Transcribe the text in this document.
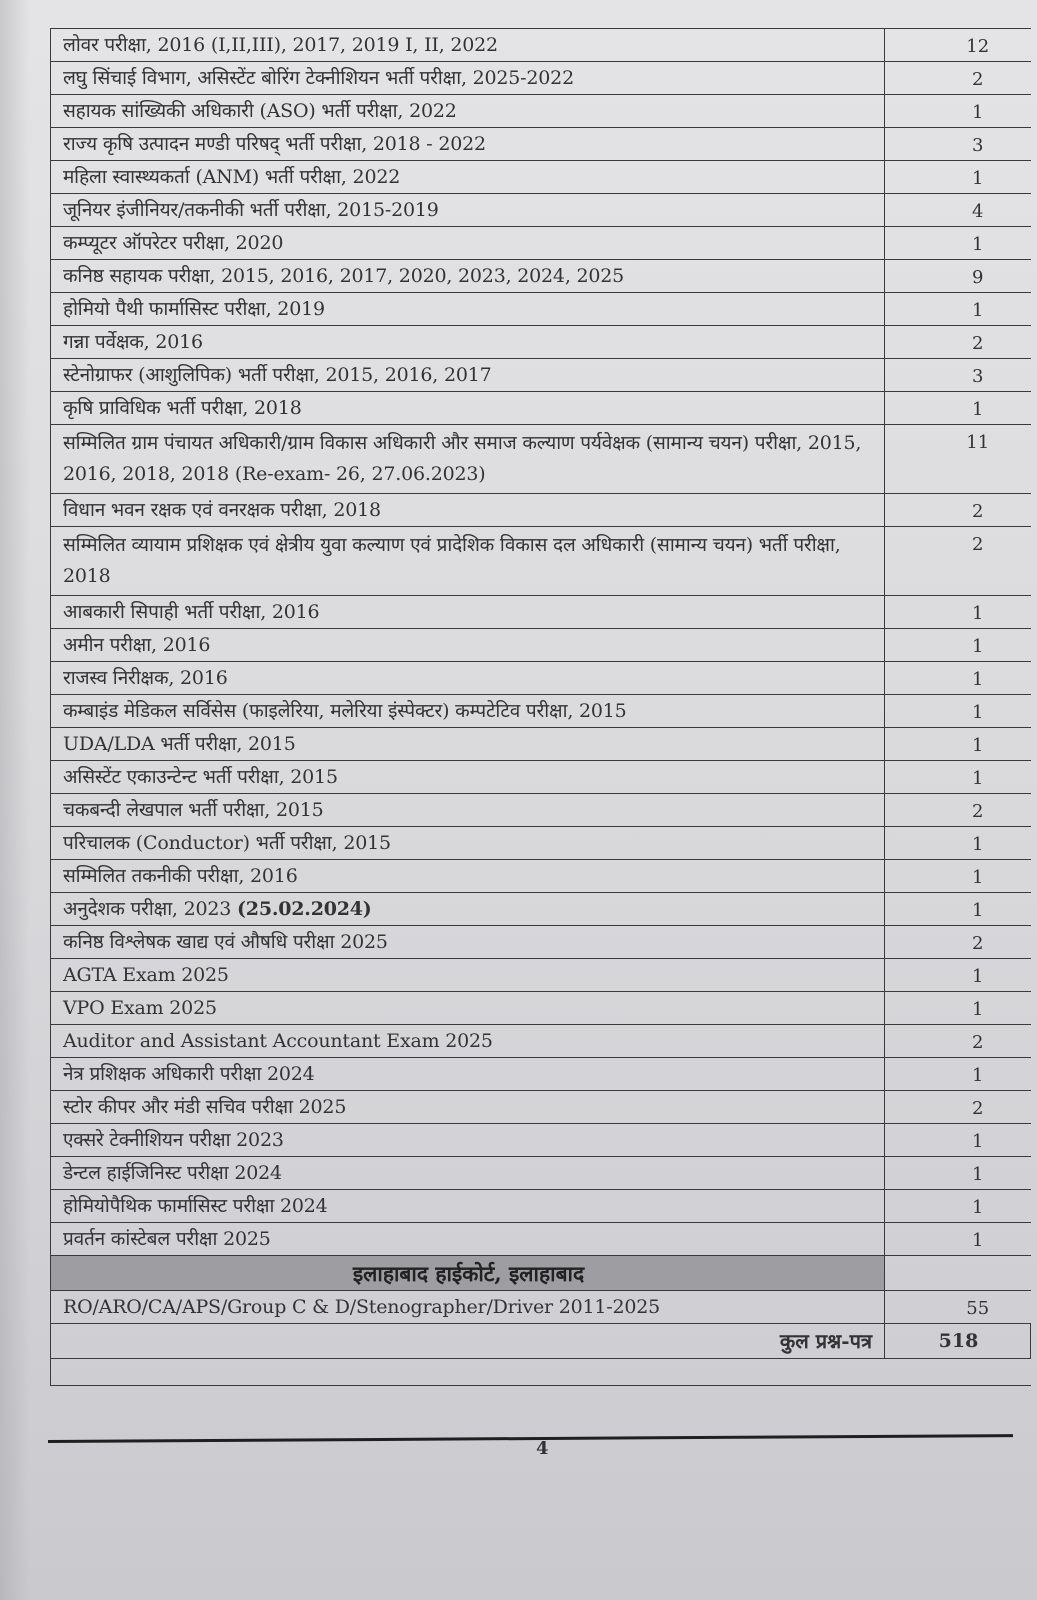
लोवर परीक्षा, 2016 (I,II,III), 2017, 2019 I, II, 2022	12
लघु सिंचाई विभाग, असिस्टेंट बोरिंग टेक्नीशियन भर्ती परीक्षा, 2025-2022	2
सहायक सांख्यिकी अधिकारी (ASO) भर्ती परीक्षा, 2022	1
राज्य कृषि उत्पादन मण्डी परिषद् भर्ती परीक्षा, 2018 - 2022	3
महिला स्वास्थ्यकर्ता (ANM) भर्ती परीक्षा, 2022	1
जूनियर इंजीनियर/तकनीकी भर्ती परीक्षा, 2015-2019	4
कम्प्यूटर ऑपरेटर परीक्षा, 2020	1
कनिष्ठ सहायक परीक्षा, 2015, 2016, 2017, 2020, 2023, 2024, 2025	9
होमियो पैथी फार्मासिस्ट परीक्षा, 2019	1
गन्ना पर्वेक्षक, 2016	2
स्टेनोग्राफर (आशुलिपिक) भर्ती परीक्षा, 2015, 2016, 2017	3
कृषि प्राविधिक भर्ती परीक्षा, 2018	1
सम्मिलित ग्राम पंचायत अधिकारी/ग्राम विकास अधिकारी और समाज कल्याण पर्यवेक्षक (सामान्य चयन) परीक्षा, 2015, 2016, 2018, 2018 (Re-exam- 26, 27.06.2023)	11
विधान भवन रक्षक एवं वनरक्षक परीक्षा, 2018	2
सम्मिलित व्यायाम प्रशिक्षक एवं क्षेत्रीय युवा कल्याण एवं प्रादेशिक विकास दल अधिकारी (सामान्य चयन) भर्ती परीक्षा, 2018	2
आबकारी सिपाही भर्ती परीक्षा, 2016	1
अमीन परीक्षा, 2016	1
राजस्व निरीक्षक, 2016	1
कम्बाइंड मेडिकल सर्विसेस (फाइलेरिया, मलेरिया इंस्पेक्टर) कम्पटेटिव परीक्षा, 2015	1
UDA/LDA भर्ती परीक्षा, 2015	1
असिस्टेंट एकाउन्टेन्ट भर्ती परीक्षा, 2015	1
चकबन्दी लेखपाल भर्ती परीक्षा, 2015	2
परिचालक (Conductor) भर्ती परीक्षा, 2015	1
सम्मिलित तकनीकी परीक्षा, 2016	1
अनुदेशक परीक्षा, 2023 (25.02.2024)	1
कनिष्ठ विश्लेषक खाद्य एवं औषधि परीक्षा 2025	2
AGTA Exam 2025	1
VPO Exam 2025	1
Auditor and Assistant Accountant Exam 2025	2
नेत्र प्रशिक्षक अधिकारी परीक्षा 2024	1
स्टोर कीपर और मंडी सचिव परीक्षा 2025	2
एक्सरे टेक्नीशियन परीक्षा 2023	1
डेन्टल हाईजिनिस्ट परीक्षा 2024	1
होमियोपैथिक फार्मासिस्ट परीक्षा 2024	1
प्रवर्तन कांस्टेबल परीक्षा 2025	1
इलाहाबाद हाईकोर्ट, इलाहाबाद	
RO/ARO/CA/APS/Group C & D/Stenographer/Driver 2011-2025	55
कुल प्रश्न-पत्र	518

4
